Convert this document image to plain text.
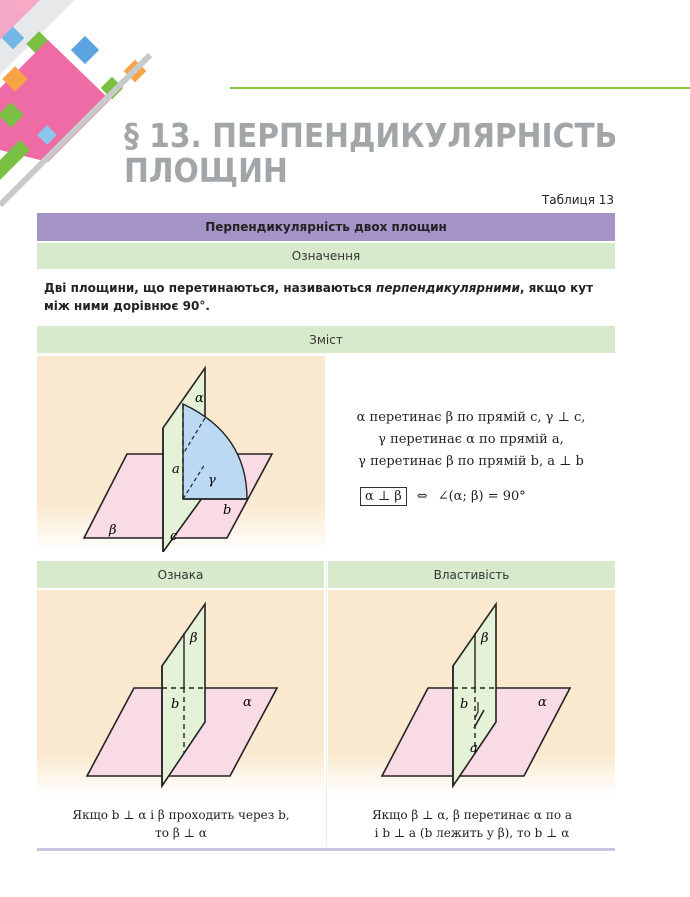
§ 13. ПЕРПЕНДИКУЛЯРНІСТЬ
ПЛОЩИН
Таблиця 13
Перпендикулярність двох площин
Означення
Дві площини, що перетинаються, називаються перпендикулярними, якщо кут між ними дорівнює 90°.
Зміст
α
a
γ
b
β	c
α перетинає β по прямій c, γ ⊥ c,
γ перетинає α по прямій a,
γ перетинає β по прямій b, a ⊥ b
α ⊥ β	⇔ ∠(α; β) = 90°
Ознака	Властивість
β
b	α
β
b
a
α
Якщо b ⊥ α і β проходить через b,
то β ⊥ α
Якщо β ⊥ α, β перетинає α по a
і b ⊥ a (b лежить у β), то b ⊥ α
